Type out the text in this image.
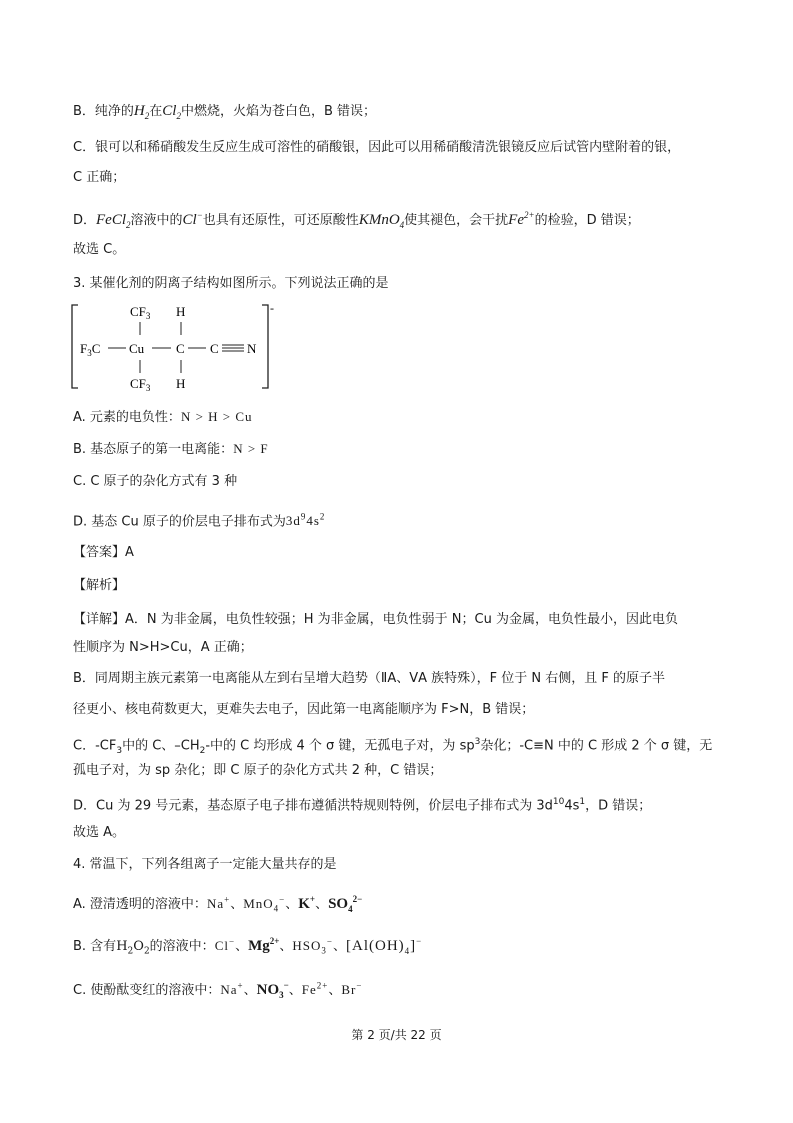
B．纯净的$H_2$在$Cl_2$中燃烧，火焰为苍白色，B 错误；
C．银可以和稀硝酸发生反应生成可溶性的硝酸银，因此可以用稀硝酸清洗银镜反应后试管内壁附着的银，
C 正确；
D．FeCl$_2$溶液中的Cl−也具有还原性，可还原酸性KMnO$_4$使其褪色，会干扰$Fe^{2+}$的检验，D 错误；
故选 C。
3. 某催化剂的阴离子结构如图所示。下列说法正确的是
-
$CF_3$ H
$F_3C$ Cu C C N
$CF_3$ H
A. 元素的电负性：N > H > Cu
B. 基态原子的第一电离能：N > F
C. C 原子的杂化方式有 3 种
D. 基态 Cu 原子的价层电子排布式为$3d^94s^2$
【答案】A
【解析】
【详解】A．N 为非金属，电负性较强；H 为非金属，电负性弱于 N；Cu 为金属，电负性最小，因此电负
性顺序为 N>H>Cu，A 正确；
B．同周期主族元素第一电离能从左到右呈增大趋势（ⅡA、ⅤA 族特殊），F 位于 N 右侧，且 F 的原子半
径更小、核电荷数更大，更难失去电子，因此第一电离能顺序为 F>N，B 错误；
C．$-CF_3$中的 C、$-CH_2-$中的 C 均形成 4 个 σ 键，无孤电子对，为 $sp^3$杂化；-C≡N 中的 C 形成 2 个 σ 键，无
孤电子对，为 sp 杂化；即 C 原子的杂化方式共 2 种，C 错误；
D．Cu 为 29 号元素，基态原子电子排布遵循洪特规则特例，价层电子排布式为 $3d^{10}4s^1$，D 错误；
故选 A。
4. 常温下，下列各组离子一定能大量共存的是
A. 澄清透明的溶液中：Na+、MnO$_4$−、K+、$SO_4^{2-}$
B. 含有$H_2O_2$的溶液中：Cl−、$Mg^{2+}$、$HSO_3^-$、$[Al(OH)_4]^-$
C. 使酚酞变红的溶液中：Na+、$NO_3^-$、$Fe^{2+}$、Br−
第 2 页/共 22 页
